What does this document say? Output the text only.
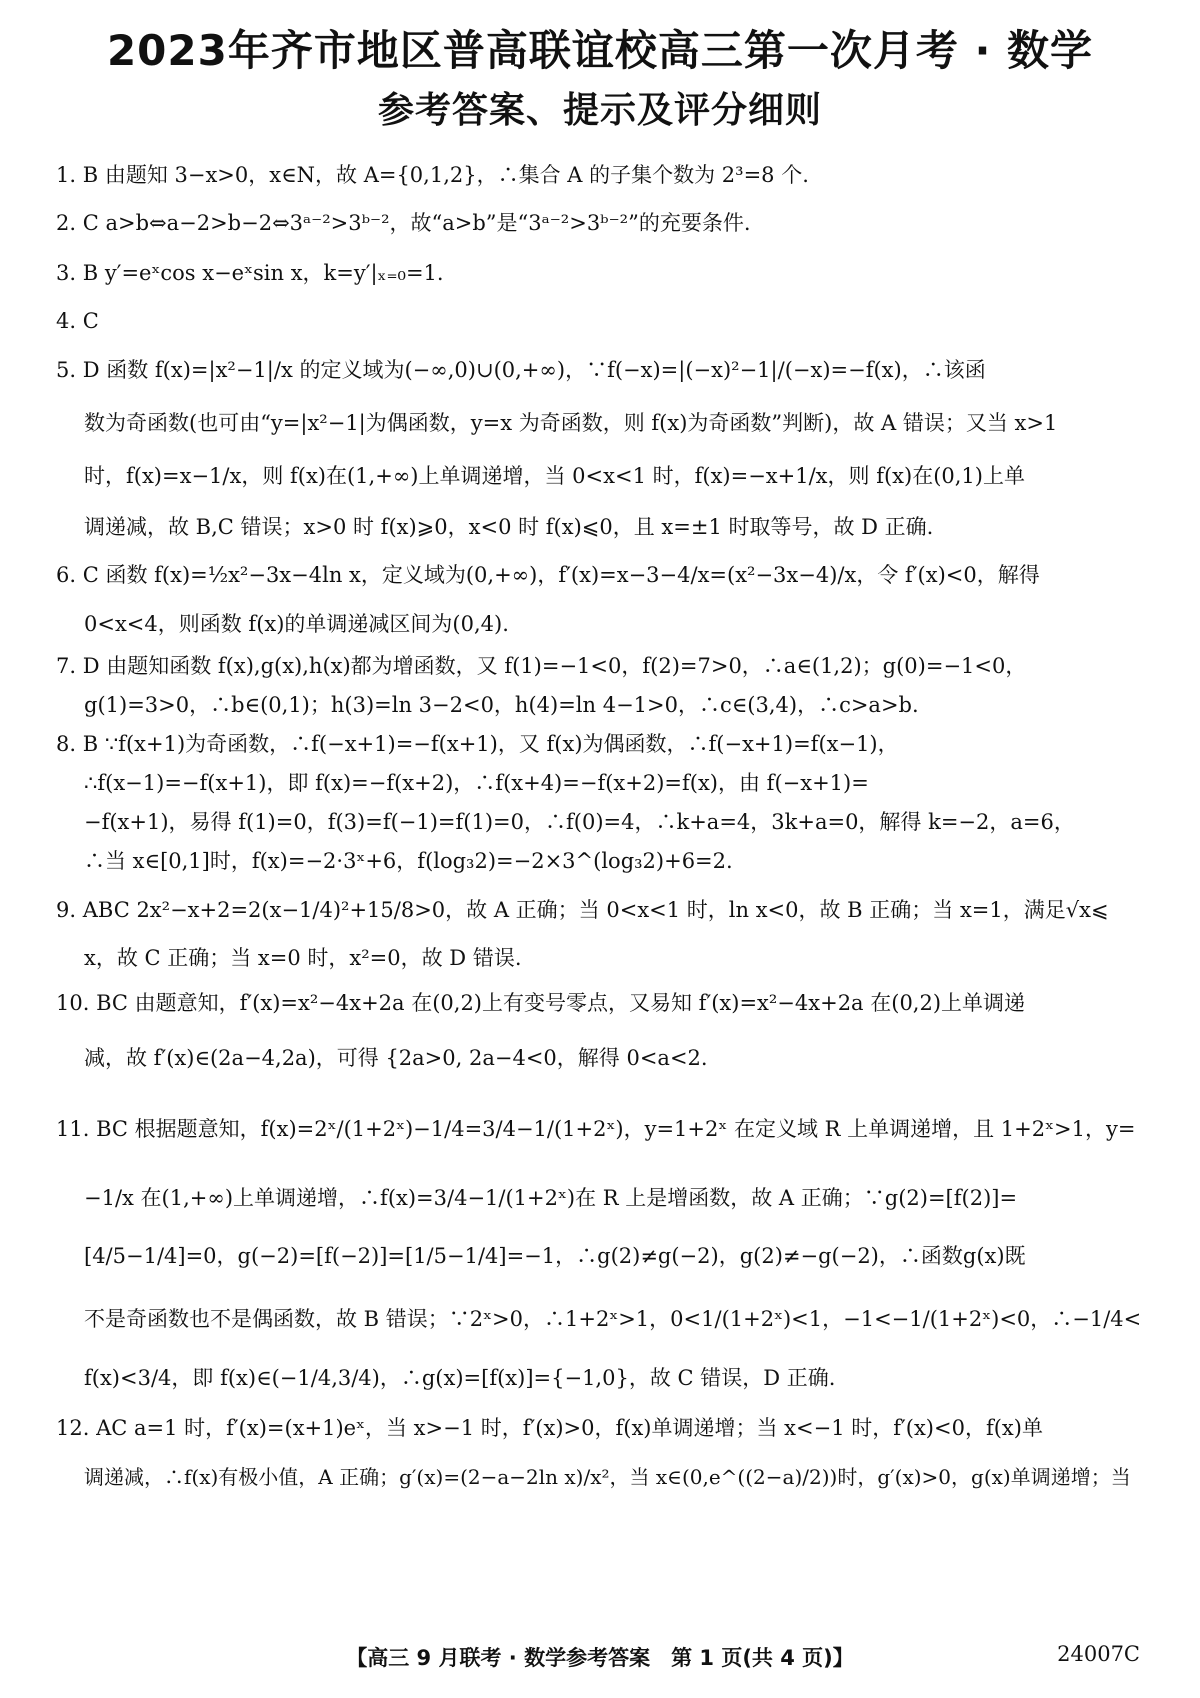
2023年齐市地区普高联谊校高三第一次月考 · 数学
参考答案、提示及评分细则
1. B 由题知 3−x>0，x∈N，故 A={0,1,2}，∴集合 A 的子集个数为 2³=8 个.
2. C a>b⇔a−2>b−2⇔3ᵃ⁻²>3ᵇ⁻²，故“a>b”是“3ᵃ⁻²>3ᵇ⁻²”的充要条件.
3. B y′=eˣcos x−eˣsin x，k=y′|ₓ₌₀=1.
4. C
5. D 函数 f(x)=|x²−1|/x 的定义域为(−∞,0)∪(0,+∞)，∵f(−x)=|(−x)²−1|/(−x)=−f(x)，∴该函
数为奇函数(也可由“y=|x²−1|为偶函数，y=x 为奇函数，则 f(x)为奇函数”判断)，故 A 错误；又当 x>1
时，f(x)=x−1/x，则 f(x)在(1,+∞)上单调递增，当 0<x<1 时，f(x)=−x+1/x，则 f(x)在(0,1)上单
调递减，故 B,C 错误；x>0 时 f(x)⩾0，x<0 时 f(x)⩽0，且 x=±1 时取等号，故 D 正确.
6. C 函数 f(x)=½x²−3x−4ln x，定义域为(0,+∞)，f′(x)=x−3−4/x=(x²−3x−4)/x，令 f′(x)<0，解得
0<x<4，则函数 f(x)的单调递减区间为(0,4).
7. D 由题知函数 f(x),g(x),h(x)都为增函数，又 f(1)=−1<0，f(2)=7>0，∴a∈(1,2)；g(0)=−1<0，
g(1)=3>0，∴b∈(0,1)；h(3)=ln 3−2<0，h(4)=ln 4−1>0，∴c∈(3,4)，∴c>a>b.
8. B ∵f(x+1)为奇函数，∴f(−x+1)=−f(x+1)，又 f(x)为偶函数，∴f(−x+1)=f(x−1)，
∴f(x−1)=−f(x+1)，即 f(x)=−f(x+2)，∴f(x+4)=−f(x+2)=f(x)，由 f(−x+1)=
−f(x+1)，易得 f(1)=0，f(3)=f(−1)=f(1)=0，∴f(0)=4，∴k+a=4，3k+a=0，解得 k=−2，a=6，
∴当 x∈[0,1]时，f(x)=−2·3ˣ+6，f(log₃2)=−2×3^(log₃2)+6=2.
9. ABC 2x²−x+2=2(x−1/4)²+15/8>0，故 A 正确；当 0<x<1 时，ln x<0，故 B 正确；当 x=1，满足√x⩽
x，故 C 正确；当 x=0 时，x²=0，故 D 错误.
10. BC 由题意知，f′(x)=x²−4x+2a 在(0,2)上有变号零点，又易知 f′(x)=x²−4x+2a 在(0,2)上单调递
减，故 f′(x)∈(2a−4,2a)，可得 {2a>0, 2a−4<0，解得 0<a<2.
11. BC 根据题意知，f(x)=2ˣ/(1+2ˣ)−1/4=3/4−1/(1+2ˣ)，y=1+2ˣ 在定义域 R 上单调递增，且 1+2ˣ>1，y=
−1/x 在(1,+∞)上单调递增，∴f(x)=3/4−1/(1+2ˣ)在 R 上是增函数，故 A 正确；∵g(2)=[f(2)]=
[4/5−1/4]=0，g(−2)=[f(−2)]=[1/5−1/4]=−1，∴g(2)≠g(−2)，g(2)≠−g(−2)，∴函数g(x)既
不是奇函数也不是偶函数，故 B 错误；∵2ˣ>0，∴1+2ˣ>1，0<1/(1+2ˣ)<1，−1<−1/(1+2ˣ)<0，∴−1/4<
f(x)<3/4，即 f(x)∈(−1/4,3/4)，∴g(x)=[f(x)]={−1,0}，故 C 错误，D 正确.
12. AC a=1 时，f′(x)=(x+1)eˣ，当 x>−1 时，f′(x)>0，f(x)单调递增；当 x<−1 时，f′(x)<0，f(x)单
调递减，∴f(x)有极小值，A 正确；g′(x)=(2−a−2ln x)/x²，当 x∈(0,e^((2−a)/2))时，g′(x)>0，g(x)单调递增；当
【高三 9 月联考 · 数学参考答案　第 1 页(共 4 页)】	24007C
